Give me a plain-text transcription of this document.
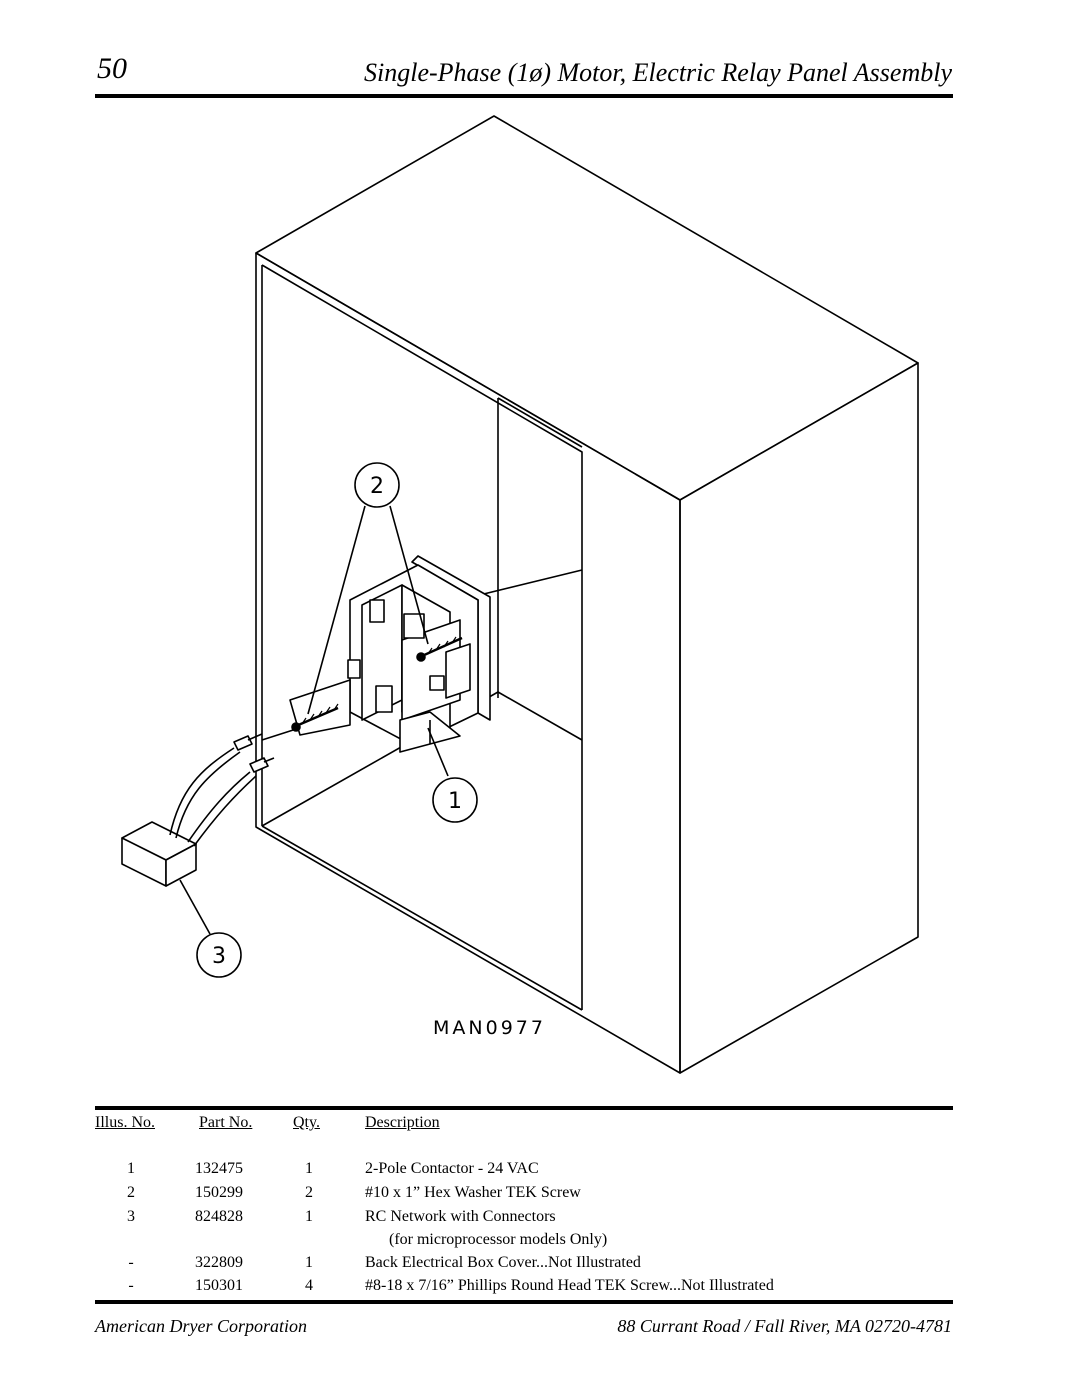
50	Single-Phase (1ø) Motor, Electric Relay Panel Assembly
2
1
3
MAN0977
Illus. No.	Part No.	Qty.	Description
1	132475	1	2-Pole Contactor - 24 VAC
2	150299	2	#10 x 1” Hex Washer TEK Screw
3	824828	1	RC Network with Connectors
(for microprocessor models Only)
-	322809	1	Back Electrical Box Cover...Not Illustrated
-	150301	4	#8-18 x 7/16” Phillips Round Head TEK Screw...Not Illustrated
American Dryer Corporation	88 Currant Road / Fall River, MA 02720-4781
